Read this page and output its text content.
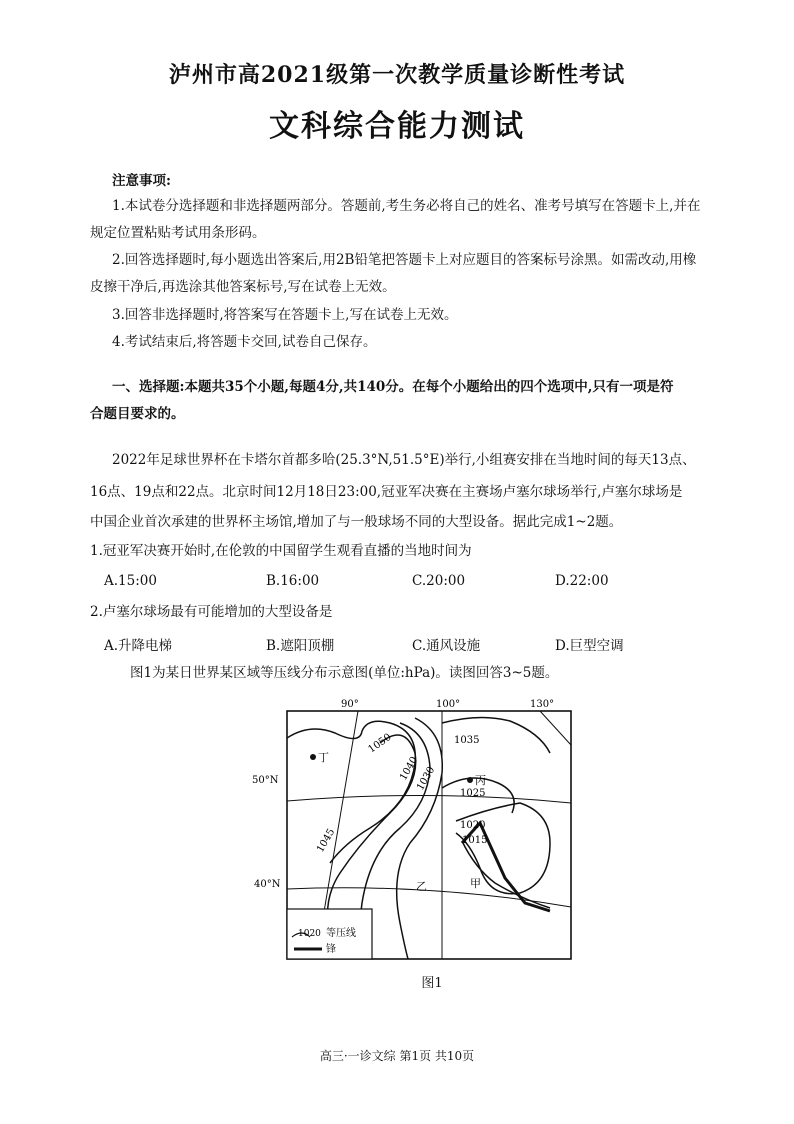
泸州市高2021级第一次教学质量诊断性考试
文科综合能力测试
注意事项:
1.本试卷分选择题和非选择题两部分。答题前,考生务必将自己的姓名、准考号填写在答题卡上,并在
规定位置粘贴考试用条形码。
2.回答选择题时,每小题选出答案后,用2B铅笔把答题卡上对应题目的答案标号涂黑。如需改动,用橡
皮擦干净后,再选涂其他答案标号,写在试卷上无效。
3.回答非选择题时,将答案写在答题卡上,写在试卷上无效。
4.考试结束后,将答题卡交回,试卷自己保存。
一、选择题:本题共35个小题,每题4分,共140分。在每个小题给出的四个选项中,只有一项是符
合题目要求的。
2022年足球世界杯在卡塔尔首都多哈(25.3°N,51.5°E)举行,小组赛安排在当地时间的每天13点、
16点、19点和22点。北京时间12月18日23:00,冠亚军决赛在主赛场卢塞尔球场举行,卢塞尔球场是
中国企业首次承建的世界杯主场馆,增加了与一般球场不同的大型设备。据此完成1~2题。
1.冠亚军决赛开始时,在伦敦的中国留学生观看直播的当地时间为
A.15:00	B.16:00	C.20:00	D.22:00
2.卢塞尔球场最有可能增加的大型设备是
A.升降电梯	B.遮阳顶棚	C.通风设施	D.巨型空调
图1为某日世界某区域等压线分布示意图(单位:hPa)。读图回答3~5题。
90°	100°	130°
50°N
40°N
1050
1040
1030
1045
1035
1025
1020
1015
丁
丙
乙	甲
1020 等压线
锋
图1
高三·一诊文综 第1页 共10页
